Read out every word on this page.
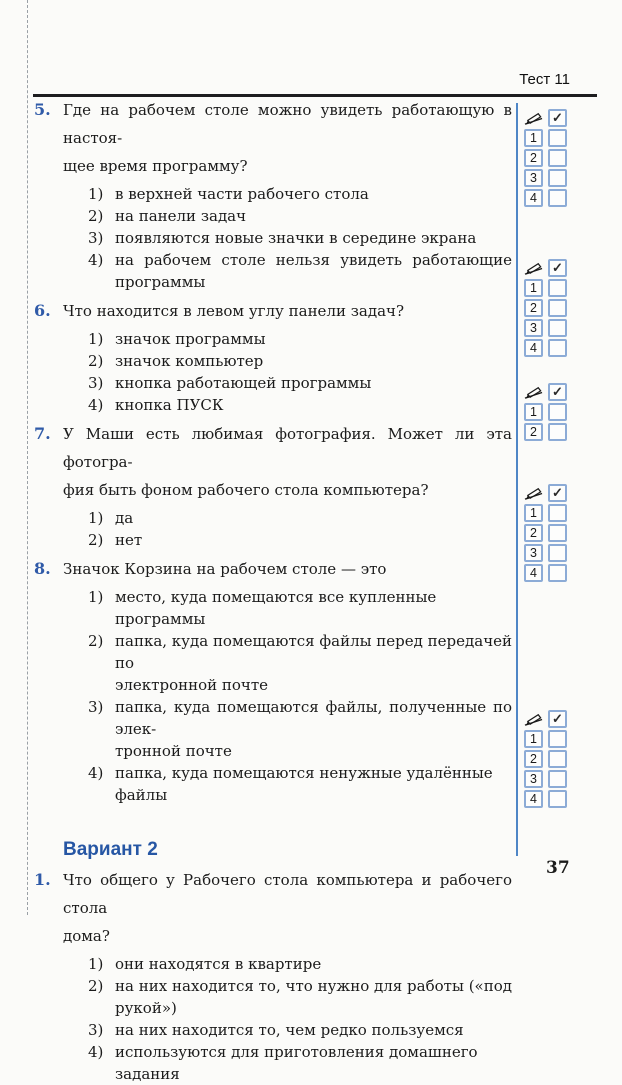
Тест 11
5. Где на рабочем столе можно увидеть работающую в настоя-
щее время программу?
1) в верхней части рабочего стола
2) на панели задач
3) появляются новые значки в середине экрана
4) на рабочем столе нельзя увидеть работающие программы
6. Что находится в левом углу панели задач?
1) значок программы
2) значок компьютер
3) кнопка работающей программы
4) кнопка ПУСК
7. У Маши есть любимая фотография. Может ли эта фотогра-
фия быть фоном рабочего стола компьютера?
1) да
2) нет
8. Значок Корзина на рабочем столе — это
1) место, куда помещаются все купленные программы
2) папка, куда помещаются файлы перед передачей по
электронной почте
3) папка, куда помещаются файлы, полученные по элек-
тронной почте
4) папка, куда помещаются ненужные удалённые файлы
Вариант 2
1. Что общего у Рабочего стола компьютера и рабочего стола
дома?
1) они находятся в квартире
2) на них находится то, что нужно для работы («под рукой»)
3) на них находится то, чем редко пользуемся
4) используются для приготовления домашнего задания
✓
1
2
3
4
✓
1
2
3
4
✓
1
2
✓
1
2
3
4
✓
1
2
3
4
37
